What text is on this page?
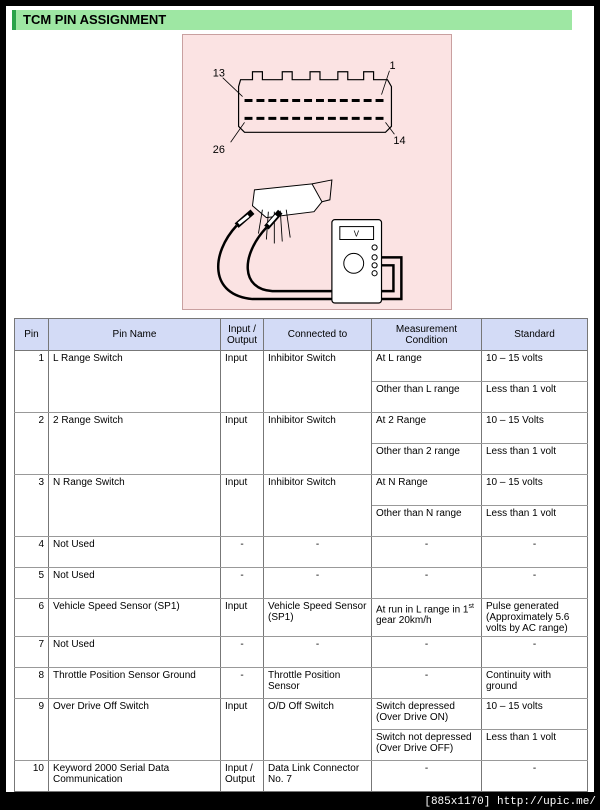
TCM PIN ASSIGNMENT
13
1
26
14
V
Pin	Pin Name	Input / Output	Connected to	Measurement Condition	Standard
1	L Range Switch	Input	Inhibitor Switch	At L range	10 – 15 volts
				Other than L range	Less than 1 volt
2	2 Range Switch	Input	Inhibitor Switch	At 2 Range	10 – 15 Volts
				Other than 2 range	Less than 1 volt
3	N Range Switch	Input	Inhibitor Switch	At N Range	10 – 15 volts
				Other than N range	Less than 1 volt
4	Not Used	-	-	-	-
5	Not Used	-	-	-	-
6	Vehicle Speed Sensor (SP1)	Input	Vehicle Speed Sensor (SP1)	At run in L range in 1st gear 20km/h	Pulse generated (Approximately 5.6 volts by AC range)
7	Not Used	-	-	-	-
8	Throttle Position Sensor Ground	-	Throttle Position Sensor	-	Continuity with ground
9	Over Drive Off Switch	Input	O/D Off Switch	Switch depressed (Over Drive ON)	10 – 15 volts
				Switch not depressed (Over Drive OFF)	Less than 1 volt
10	Keyword 2000 Serial Data Communication	Input / Output	Data Link Connector No. 7	-	-
[885x1170] http://upic.me/
